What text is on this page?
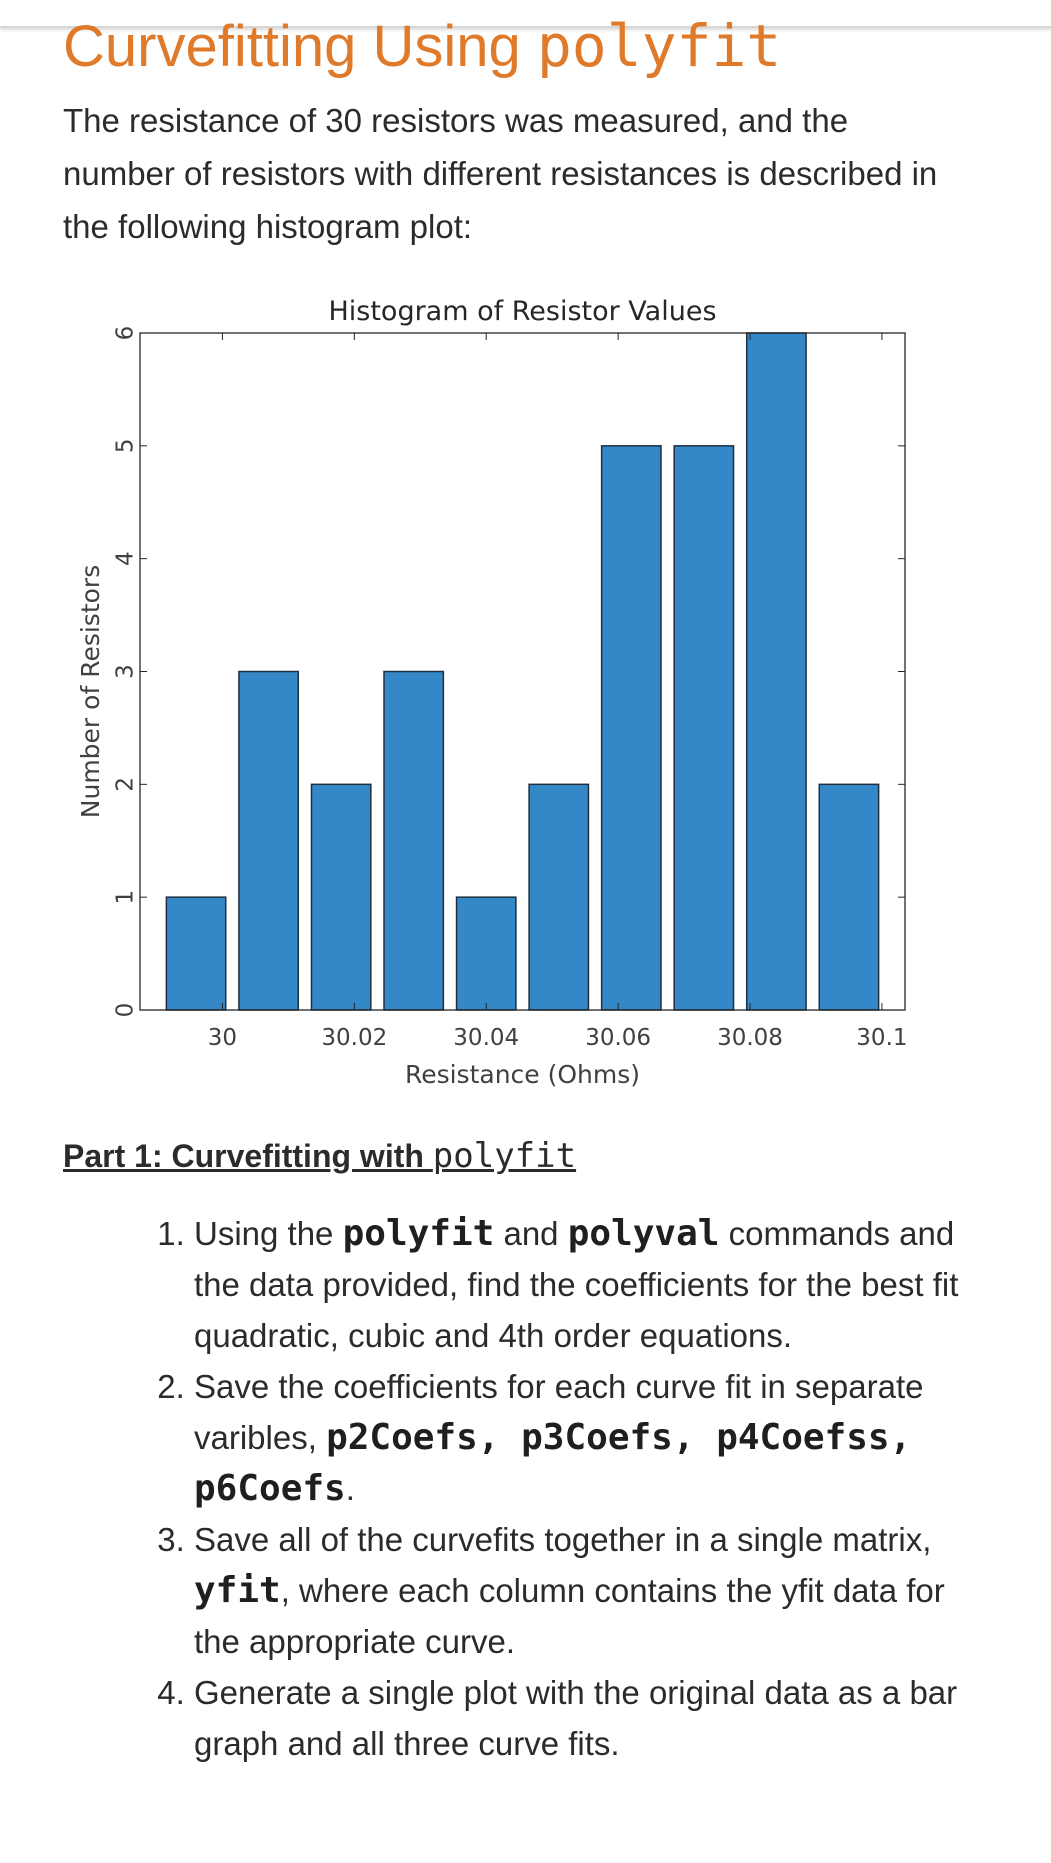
Curvefitting Using polyfit

The resistance of 30 resistors was measured, and the number of resistors with different resistances is described in the following histogram plot:

30	30.02	30.04	30.06	30.08	30.1
0
1
2
3
4
5
6
Histogram of Resistor Values
Resistance (Ohms)
Number of Resistors
Part 1: Curvefitting with polyfit
1. Using the polyfit and polyval commands and the data provided, find the coefficients for the best fit quadratic, cubic and 4th order equations.
2. Save the coefficients for each curve fit in separate varibles, p2Coefs, p3Coefs, p4Coefss, p6Coefs.
3. Save all of the curvefits together in a single matrix, yfit, where each column contains the yfit data for the appropriate curve.
4. Generate a single plot with the original data as a bar graph and all three curve fits.
